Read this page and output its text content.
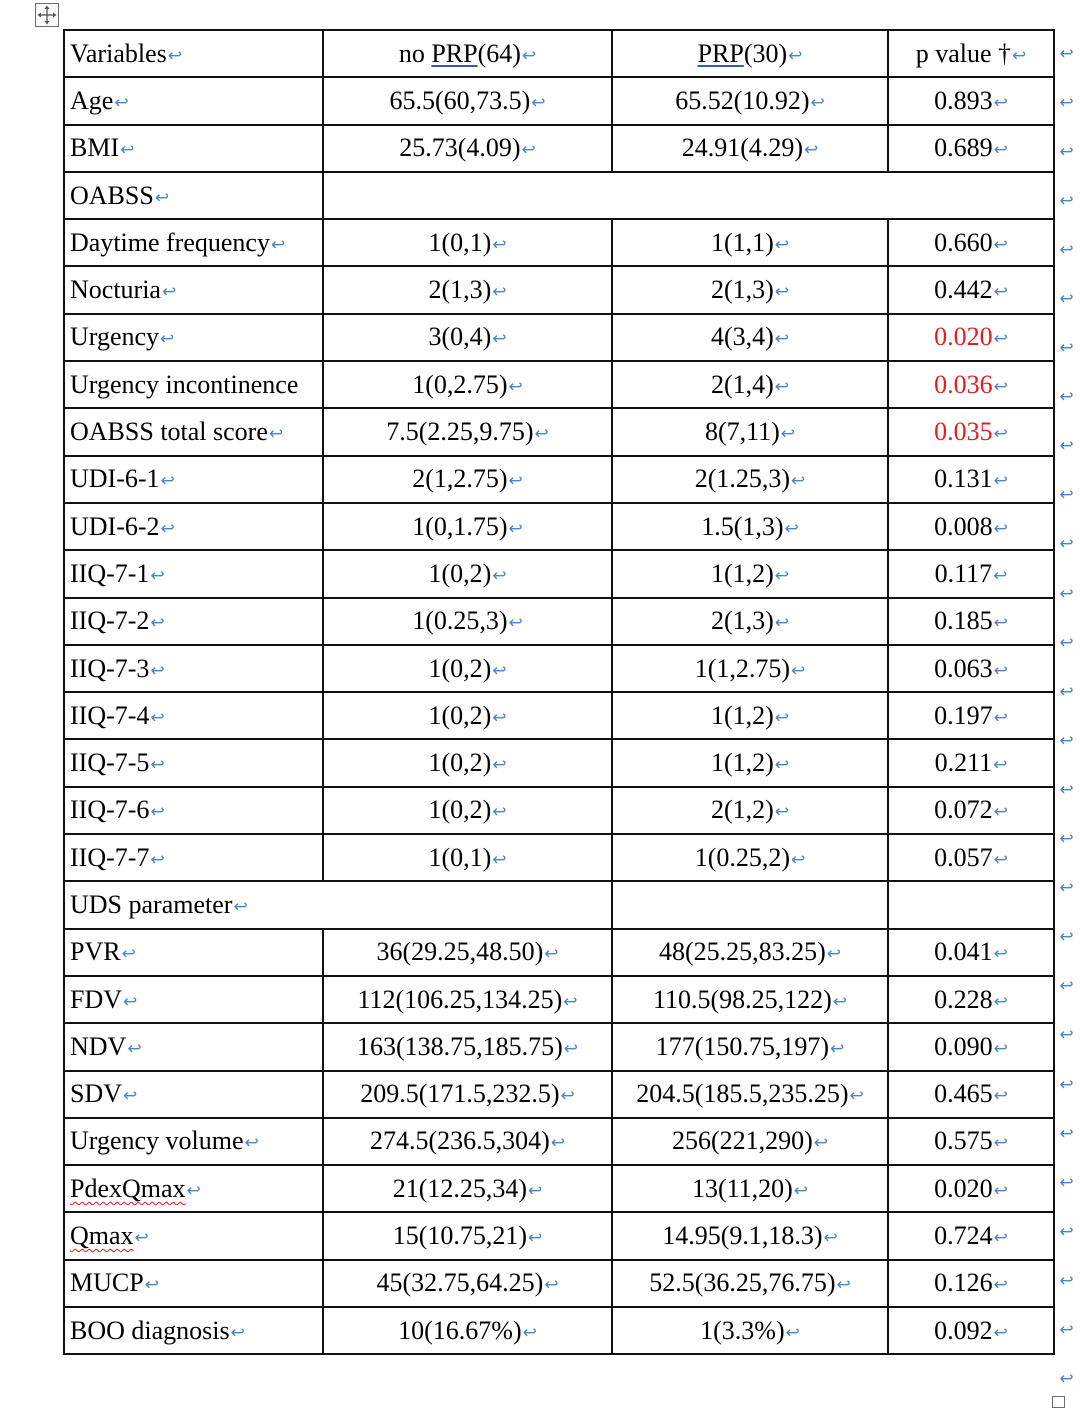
Variables↩	no PRP(64)↩	PRP(30)↩	p value †↩
Age↩	65.5(60,73.5)↩	65.52(10.92)↩	0.893↩
BMI↩	25.73(4.09)↩	24.91(4.29)↩	0.689↩
OABSS↩			
Daytime frequency↩	1(0,1)↩	1(1,1)↩	0.660↩
Nocturia↩	2(1,3)↩	2(1,3)↩	0.442↩
Urgency↩	3(0,4)↩	4(3,4)↩	0.020↩
Urgency incontinence	1(0,2.75)↩	2(1,4)↩	0.036↩
OABSS total score↩	7.5(2.25,9.75)↩	8(7,11)↩	0.035↩
UDI-6-1↩	2(1,2.75)↩	2(1.25,3)↩	0.131↩
UDI-6-2↩	1(0,1.75)↩	1.5(1,3)↩	0.008↩
IIQ-7-1↩	1(0,2)↩	1(1,2)↩	0.117↩
IIQ-7-2↩	1(0.25,3)↩	2(1,3)↩	0.185↩
IIQ-7-3↩	1(0,2)↩	1(1,2.75)↩	0.063↩
IIQ-7-4↩	1(0,2)↩	1(1,2)↩	0.197↩
IIQ-7-5↩	1(0,2)↩	1(1,2)↩	0.211↩
IIQ-7-6↩	1(0,2)↩	2(1,2)↩	0.072↩
IIQ-7-7↩	1(0,1)↩	1(0.25,2)↩	0.057↩
UDS parameter↩			
PVR↩	36(29.25,48.50)↩	48(25.25,83.25)↩	0.041↩
FDV↩	112(106.25,134.25)↩	110.5(98.25,122)↩	0.228↩
NDV↩	163(138.75,185.75)↩	177(150.75,197)↩	0.090↩
SDV↩	209.5(171.5,232.5)↩	204.5(185.5,235.25)↩	0.465↩
Urgency volume↩	274.5(236.5,304)↩	256(221,290)↩	0.575↩
PdexQmax↩	21(12.25,34)↩	13(11,20)↩	0.020↩
Qmax↩	15(10.75,21)↩	14.95(9.1,18.3)↩	0.724↩
MUCP↩	45(32.75,64.25)↩	52.5(36.25,76.75)↩	0.126↩
BOO diagnosis↩	10(16.67%)↩	1(3.3%)↩	0.092↩
↩
↩
↩
↩
↩
↩
↩
↩
↩
↩
↩
↩
↩
↩
↩
↩
↩
↩
↩
↩
↩
↩
↩
↩
↩
↩
↩
↩
